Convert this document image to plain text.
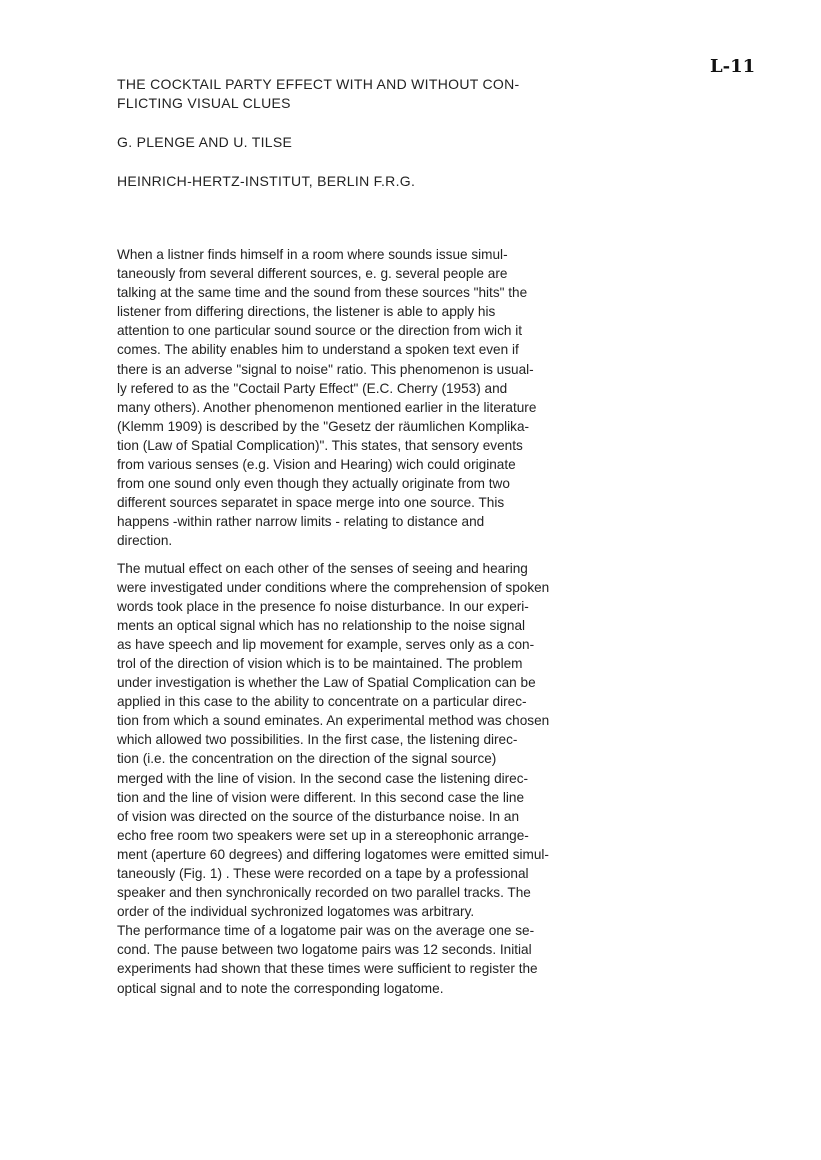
L-11
THE COCKTAIL PARTY EFFECT WITH AND WITHOUT CON-
FLICTING VISUAL CLUES
G. PLENGE AND U. TILSE
HEINRICH-HERTZ-INSTITUT, BERLIN F.R.G.

When a listner finds himself in a room where sounds issue simul-
taneously from several different sources, e. g. several people are
talking at the same time and the sound from these sources "hits" the
listener from differing directions, the listener is able to apply his
attention to one particular sound source or the direction from wich it
comes. The ability enables him to understand a spoken text even if
there is an adverse "signal to noise" ratio. This phenomenon is usual-
ly refered to as the "Coctail Party Effect" (E.C. Cherry (1953) and
many others). Another phenomenon mentioned earlier in the literature
(Klemm 1909) is described by the "Gesetz der räumlichen Komplika-
tion (Law of Spatial Complication)". This states, that sensory events
from various senses (e.g. Vision and Hearing) wich could originate
from one sound only even though they actually originate from two
different sources separatet in space merge into one source. This
happens -within rather narrow limits - relating to distance and
direction.

The mutual effect on each other of the senses of seeing and hearing
were investigated under conditions where the comprehension of spoken
words took place in the presence fo noise disturbance. In our experi-
ments an optical signal which has no relationship to the noise signal
as have speech and lip movement for example, serves only as a con-
trol of the direction of vision which is to be maintained. The problem
under investigation is whether the Law of Spatial Complication can be
applied in this case to the ability to concentrate on a particular direc-
tion from which a sound eminates. An experimental method was chosen
which allowed two possibilities. In the first case, the listening direc-
tion (i.e. the concentration on the direction of the signal source)
merged with the line of vision. In the second case the listening direc-
tion and the line of vision were different. In this second case the line
of vision was directed on the source of the disturbance noise. In an
echo free room two speakers were set up in a stereophonic arrange-
ment (aperture 60 degrees) and differing logatomes were emitted simul-
taneously (Fig. 1) . These were recorded on a tape by a professional
speaker and then synchronically recorded on two parallel tracks. The
order of the individual sychronized logatomes was arbitrary.
The performance time of a logatome pair was on the average one se-
cond. The pause between two logatome pairs was 12 seconds. Initial
experiments had shown that these times were sufficient to register the
optical signal and to note the corresponding logatome.
